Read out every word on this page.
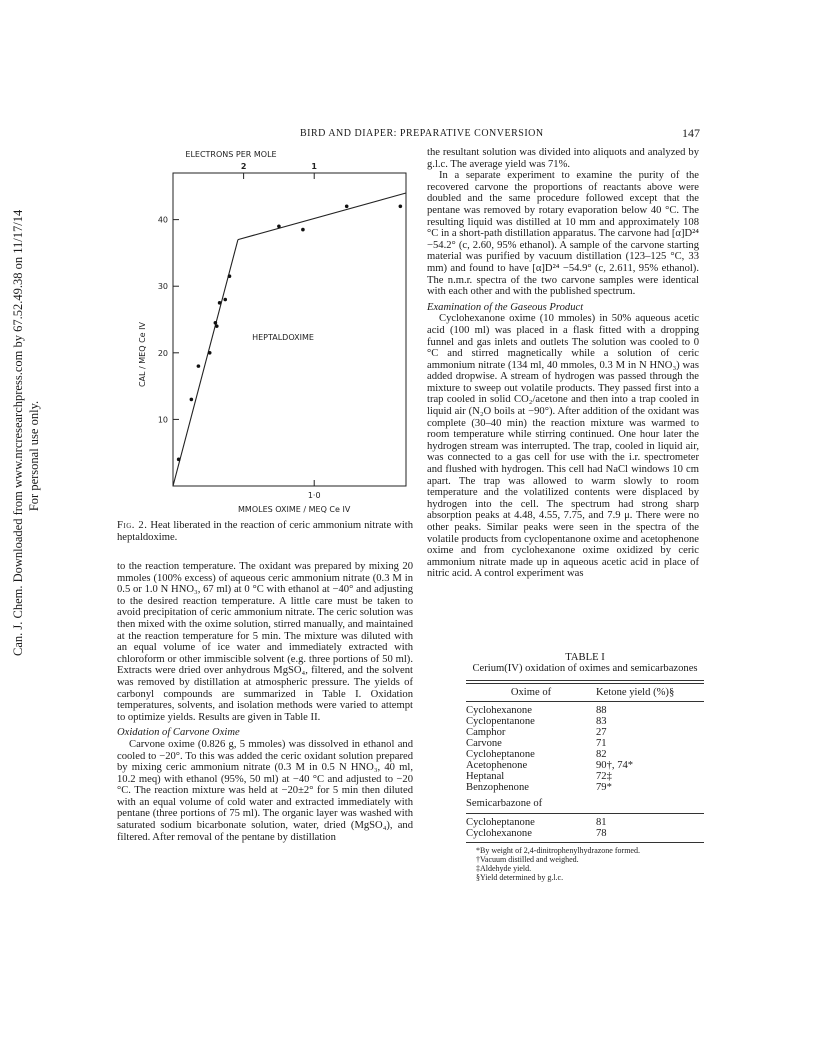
Can. J. Chem. Downloaded from www.nrcresearchpress.com by 67.52.49.38 on 11/17/14 For personal use only.
BIRD AND DIAPER: PREPARATIVE CONVERSION	147
ELECTRONS PER MOLE
10
20
30
40
1·0
2	1
CAL / MEQ Ce IV
MMOLES OXIME / MEQ Ce IV
HEPTALDOXIME
Fig. 2. Heat liberated in the reaction of ceric ammonium nitrate with heptaldoxime.

to the reaction temperature. The oxidant was prepared by mixing 20 mmoles (100% excess) of aqueous ceric ammonium nitrate (0.3 M in 0.5 or 1.0 N HNO₃, 67 ml) at 0 °C with ethanol at −40° and adjusting to the desired reaction temperature. A little care must be taken to avoid precipitation of ceric ammonium nitrate. The ceric solution was then mixed with the oxime solution, stirred manually, and maintained at the reaction temperature for 5 min. The mixture was diluted with an equal volume of ice water and immediately extracted with chloroform or other immiscible solvent (e.g. three portions of 50 ml). Extracts were dried over anhydrous MgSO₄, filtered, and the solvent was removed by distillation at atmospheric pressure. The yields of carbonyl compounds are summarized in Table I. Oxidation temperatures, solvents, and isolation methods were varied to attempt to optimize yields. Results are given in Table II.

Oxidation of Carvone Oxime

Carvone oxime (0.826 g, 5 mmoles) was dissolved in ethanol and cooled to −20°. To this was added the ceric oxidant solution prepared by mixing ceric ammonium nitrate (0.3 M in 0.5 N HNO₃, 40 ml, 10.2 meq) with ethanol (95%, 50 ml) at −40 °C and adjusted to −20 °C. The reaction mixture was held at −20±2° for 5 min then diluted with an equal volume of cold water and extracted immediately with pentane (three portions of 75 ml). The organic layer was washed with saturated sodium bicarbonate solution, water, dried (MgSO₄), and filtered. After removal of the pentane by distillation

the resultant solution was divided into aliquots and analyzed by g.l.c. The average yield was 71%.

In a separate experiment to examine the purity of the recovered carvone the proportions of reactants above were doubled and the same procedure followed except that the pentane was removed by rotary evaporation below 40 °C. The resulting liquid was distilled at 10 mm and approximately 108 °C in a short-path distillation apparatus. The carvone had [α]D²⁴ −54.2° (c, 2.60, 95% ethanol). A sample of the carvone starting material was purified by vacuum distillation (123–125 °C, 33 mm) and found to have [α]D²⁴ −54.9° (c, 2.611, 95% ethanol). The n.m.r. spectra of the two carvone samples were identical with each other and with the published spectrum.

Examination of the Gaseous Product

Cyclohexanone oxime (10 mmoles) in 50% aqueous acetic acid (100 ml) was placed in a flask fitted with a dropping funnel and gas inlets and outlets The solution was cooled to 0 °C and stirred magnetically while a solution of ceric ammonium nitrate (134 ml, 40 mmoles, 0.3 M in N HNO₃) was added dropwise. A stream of hydrogen was passed through the mixture to sweep out volatile products. They passed first into a trap cooled in solid CO₂/acetone and then into a trap cooled in liquid air (N₂O boils at −90°). After addition of the oxidant was complete (30–40 min) the reaction mixture was warmed to room temperature while stirring continued. One hour later the hydrogen stream was interrupted. The trap, cooled in liquid air, was connected to a gas cell for use with the i.r. spectrometer and flushed with hydrogen. This cell had NaCl windows 10 cm apart. The trap was allowed to warm slowly to room temperature and the volatilized contents were displaced by hydrogen into the cell. The spectrum had strong sharp absorption peaks at 4.48, 4.55, 7.75, and 7.9 μ. There were no other peaks. Similar peaks were seen in the spectra of the volatile products from cyclopentanone oxime and acetophenone oxime and from cyclohexanone oxime oxidized by ceric ammonium nitrate made up in aqueous acetic acid in place of nitric acid. A control experiment was

TABLE I
Cerium(IV) oxidation of oximes and semicarbazones
Oxime of	Ketone yield (%)§
Cyclohexanone	88
Cyclopentanone	83
Camphor	27
Carvone	71
Cycloheptanone	82
Acetophenone	90†, 74*
Heptanal	72‡
Benzophenone	79*
Semicarbazone of
Cycloheptanone	81
Cyclohexanone	78
*By weight of 2,4-dinitrophenylhydrazone formed.
†Vacuum distilled and weighed.
‡Aldehyde yield.
§Yield determined by g.l.c.
